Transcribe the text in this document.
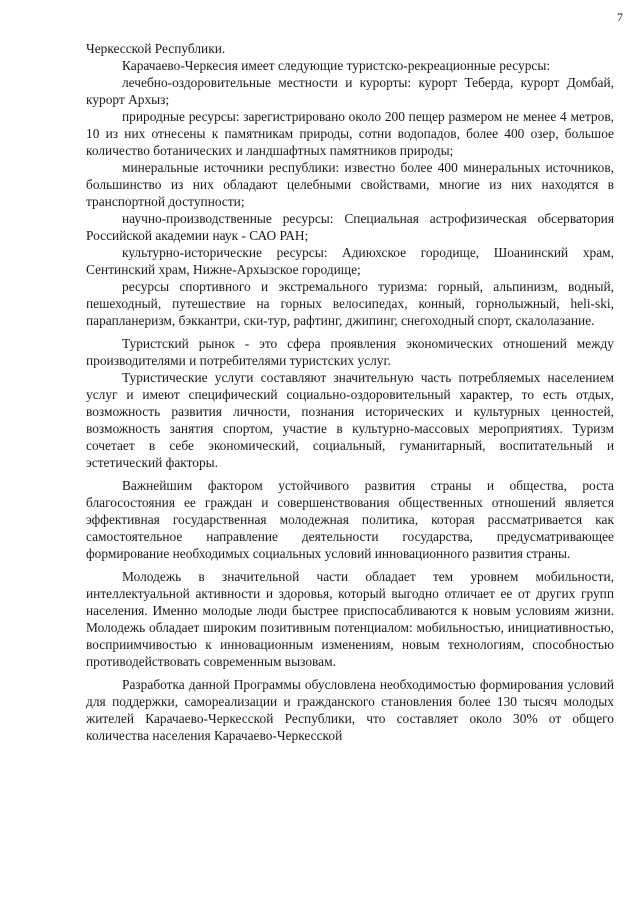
7

Черкесской Республики.

Карачаево-Черкесия имеет следующие туристско-рекреационные ресурсы:

лечебно-оздоровительные местности и курорты: курорт Теберда, курорт Домбай, курорт Архыз;

природные ресурсы: зарегистрировано около 200 пещер размером не менее 4 метров, 10 из них отнесены к памятникам природы, сотни водопадов, более 400 озер, большое количество ботанических и ландшафтных памятников природы;

минеральные источники республики: известно более 400 минеральных источников, большинство из них обладают целебными свойствами, многие из них находятся в транспортной доступности;

научно-производственные ресурсы: Специальная астрофизическая обсерватория Российской академии наук - САО РАН;

культурно-исторические ресурсы: Адиюхское городище, Шоанинский храм, Сентинский храм, Нижне-Архызское городище;

ресурсы спортивного и экстремального туризма: горный, альпинизм, водный, пешеходный, путешествие на горных велосипедах, конный, горнолыжный, heli-ski, парапланеризм, бэккантри, ски-тур, рафтинг, джипинг, снегоходный спорт, скалолазание.

Туристский рынок - это сфера проявления экономических отношений между производителями и потребителями туристских услуг.

Туристические услуги составляют значительную часть потребляемых населением услуг и имеют специфический социально-оздоровительный характер, то есть отдых, возможность развития личности, познания исторических и культурных ценностей, возможность занятия спортом, участие в культурно-массовых мероприятиях. Туризм сочетает в себе экономический, социальный, гуманитарный, воспитательный и эстетический факторы.

Важнейшим фактором устойчивого развития страны и общества, роста благосостояния ее граждан и совершенствования общественных отношений является эффективная государственная молодежная политика, которая рассматривается как самостоятельное направление деятельности государства, предусматривающее формирование необходимых социальных условий инновационного развития страны.

Молодежь в значительной части обладает тем уровнем мобильности, интеллектуальной активности и здоровья, который выгодно отличает ее от других групп населения. Именно молодые люди быстрее приспосабливаются к новым условиям жизни. Молодежь обладает широким позитивным потенциалом: мобильностью, инициативностью, восприимчивостью к инновационным изменениям, новым технологиям, способностью противодействовать современным вызовам.

Разработка данной Программы обусловлена необходимостью формирования условий для поддержки, самореализации и гражданского становления более 130 тысяч молодых жителей Карачаево-Черкесской Республики, что составляет около 30% от общего количества населения Карачаево-Черкесской
